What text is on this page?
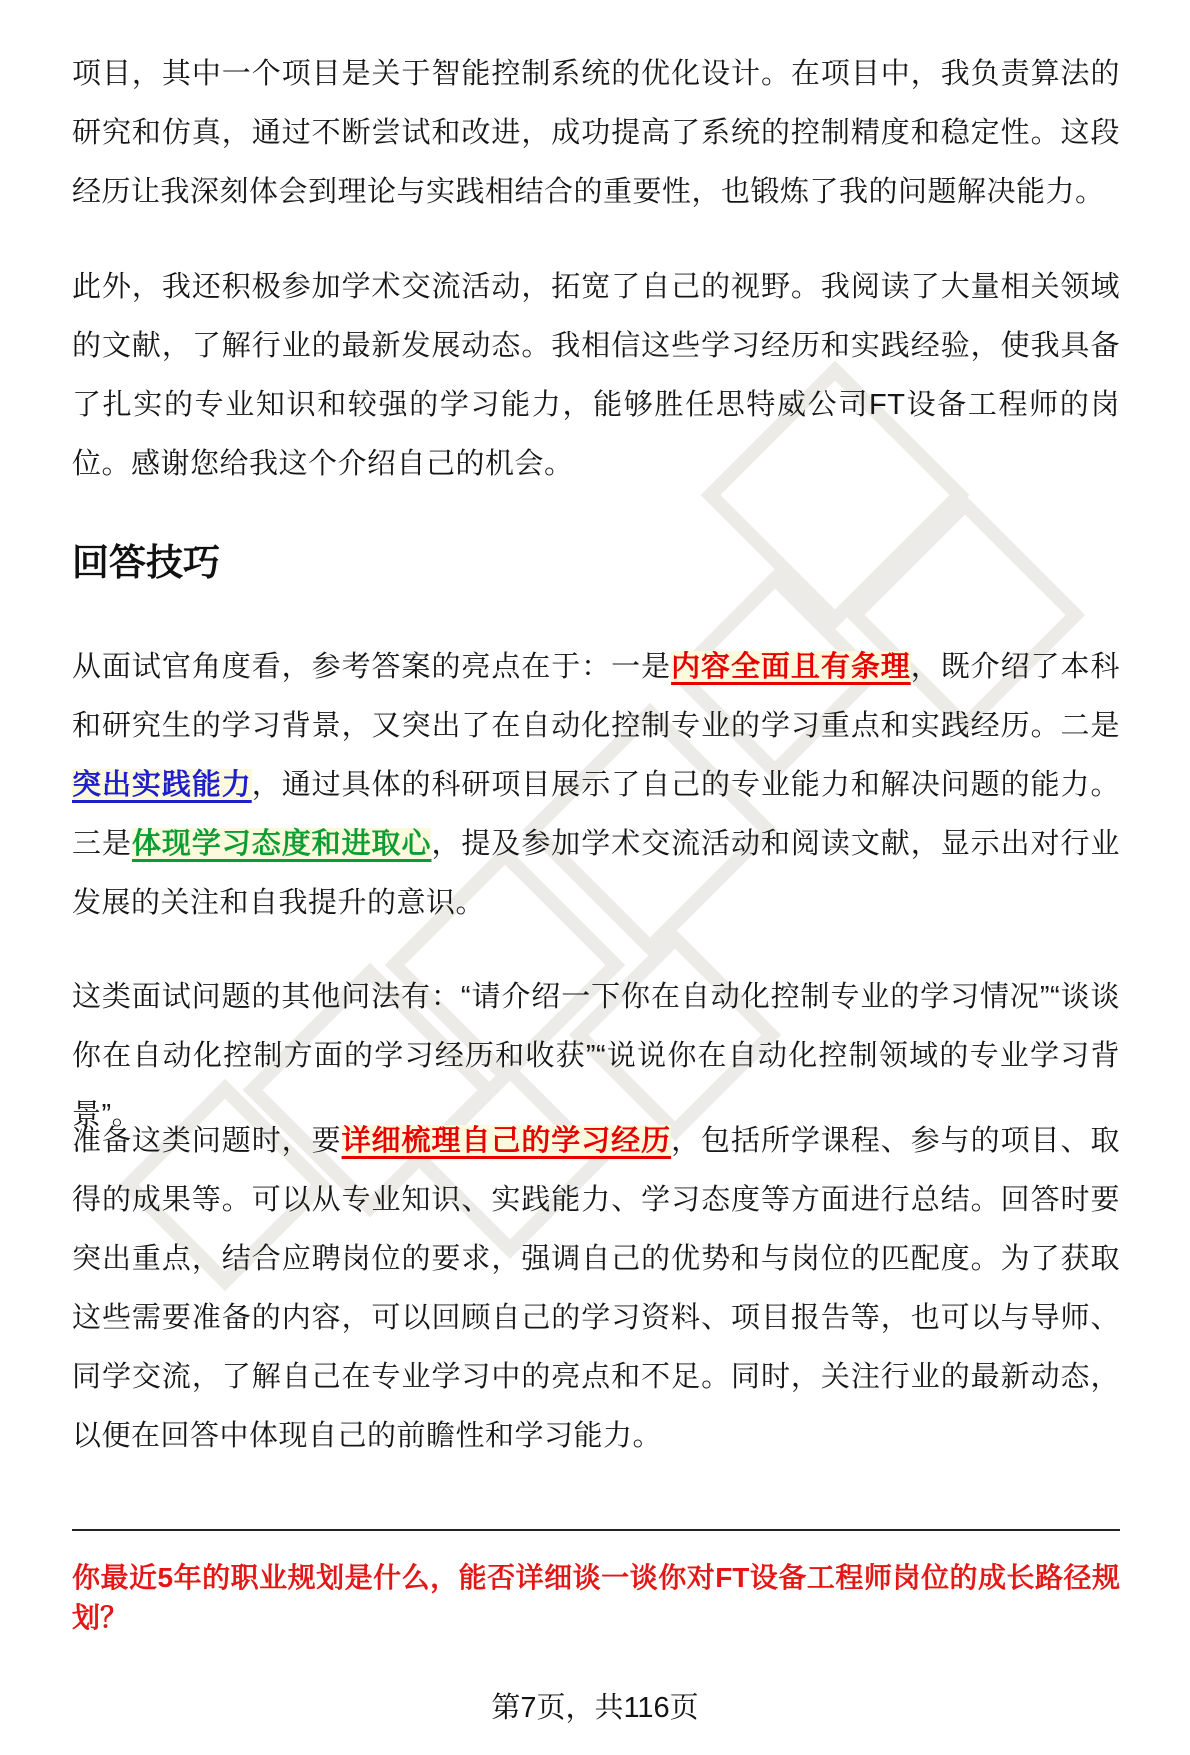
项目，其中一个项目是关于智能控制系统的优化设计。在项目中，我负责算法的研究和仿真，通过不断尝试和改进，成功提高了系统的控制精度和稳定性。这段经历让我深刻体会到理论与实践相结合的重要性，也锻炼了我的问题解决能力。
此外，我还积极参加学术交流活动，拓宽了自己的视野。我阅读了大量相关领域的文献，了解行业的最新发展动态。我相信这些学习经历和实践经验，使我具备了扎实的专业知识和较强的学习能力，能够胜任思特威公司FT设备工程师的岗位。感谢您给我这个介绍自己的机会。
回答技巧
从面试官角度看，参考答案的亮点在于：一是内容全面且有条理，既介绍了本科和研究生的学习背景，又突出了在自动化控制专业的学习重点和实践经历。二是突出实践能力，通过具体的科研项目展示了自己的专业能力和解决问题的能力。三是体现学习态度和进取心，提及参加学术交流活动和阅读文献，显示出对行业发展的关注和自我提升的意识。
这类面试问题的其他问法有：“请介绍一下你在自动化控制专业的学习情况”“谈谈你在自动化控制方面的学习经历和收获”“说说你在自动化控制领域的专业学习背景”。
准备这类问题时，要详细梳理自己的学习经历，包括所学课程、参与的项目、取得的成果等。可以从专业知识、实践能力、学习态度等方面进行总结。回答时要突出重点，结合应聘岗位的要求，强调自己的优势和与岗位的匹配度。为了获取这些需要准备的内容，可以回顾自己的学习资料、项目报告等，也可以与导师、同学交流，了解自己在专业学习中的亮点和不足。同时，关注行业的最新动态，以便在回答中体现自己的前瞻性和学习能力。
你最近5年的职业规划是什么，能否详细谈一谈你对FT设备工程师岗位的成长路径规划？
第7页，共116页
